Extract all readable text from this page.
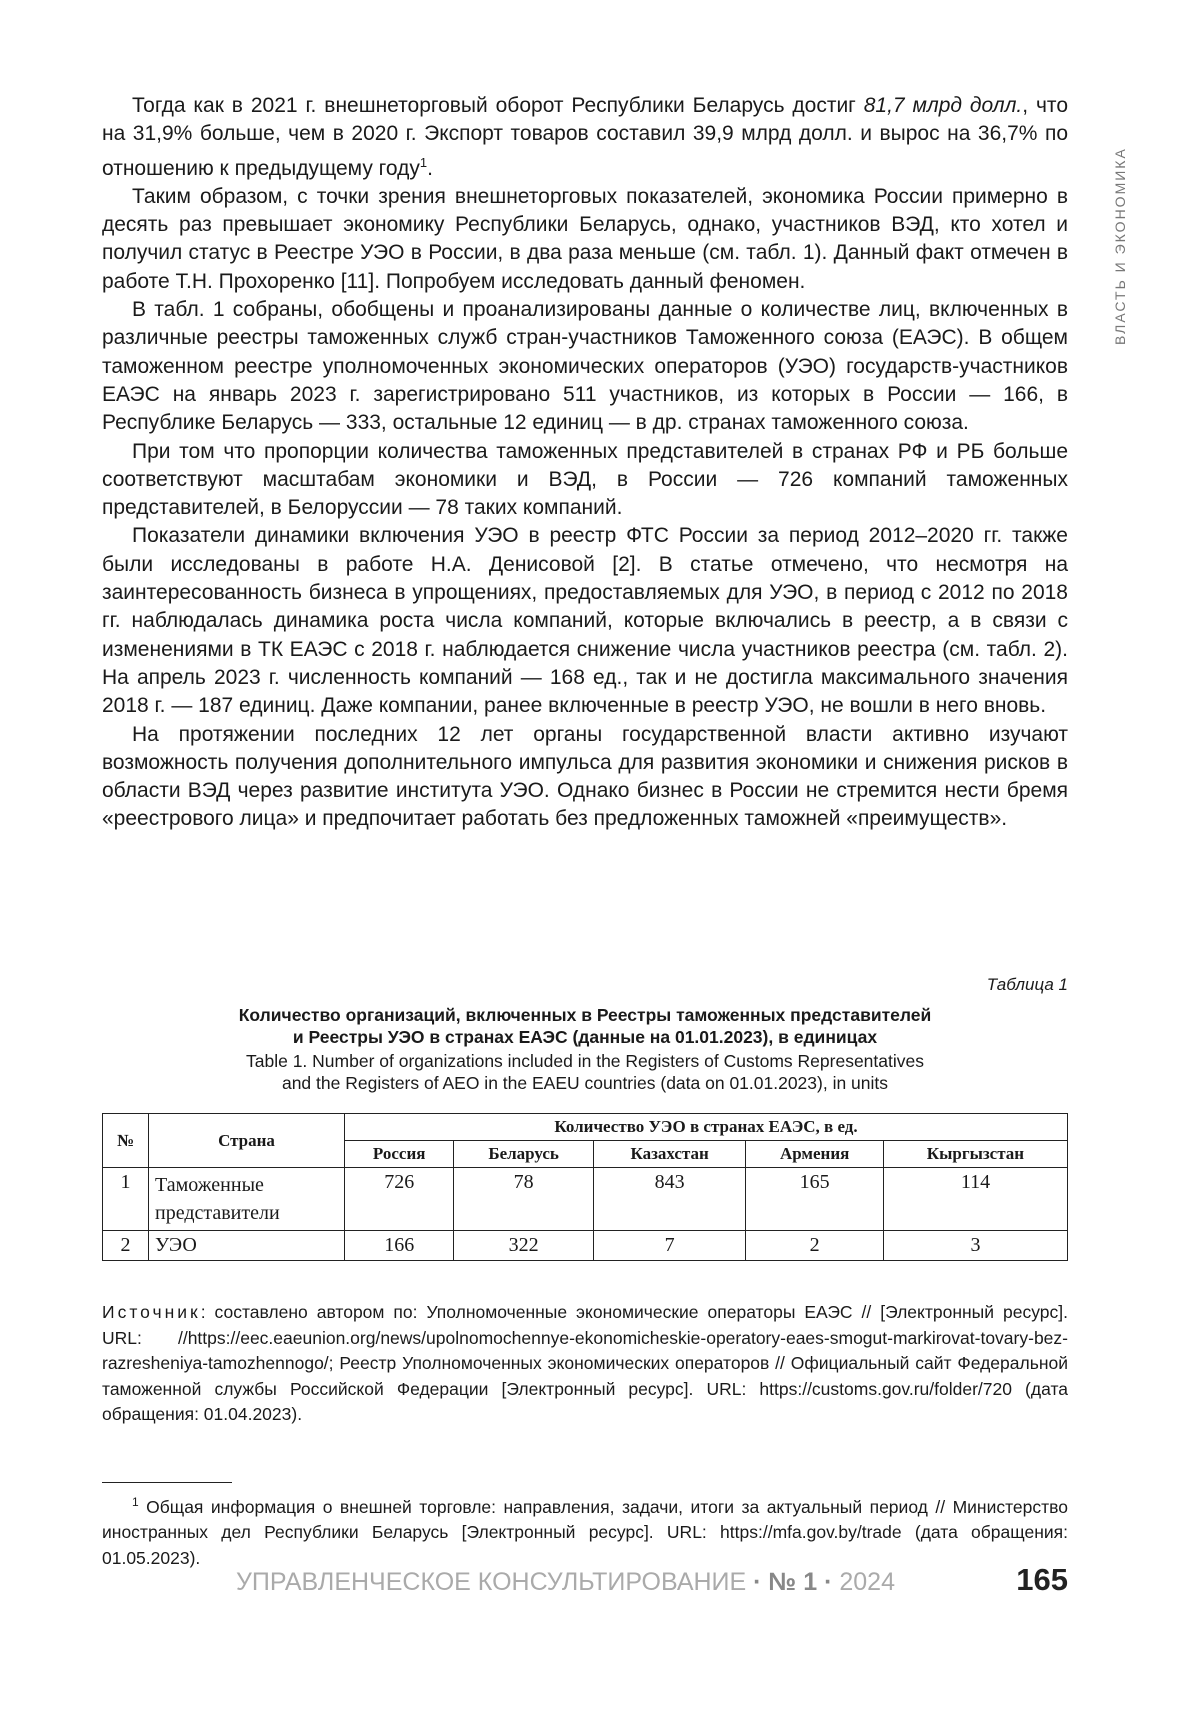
ВЛАСТЬ И ЭКОНОМИКА

Тогда как в 2021 г. внешнеторговый оборот Республики Беларусь достиг 81,7 млрд долл., что на 31,9% больше, чем в 2020 г. Экспорт товаров составил 39,9 млрд долл. и вырос на 36,7% по отношению к предыдущему году1.

Таким образом, с точки зрения внешнеторговых показателей, экономика России примерно в десять раз превышает экономику Республики Беларусь, однако, участников ВЭД, кто хотел и получил статус в Реестре УЭО в России, в два раза меньше (см. табл. 1). Данный факт отмечен в работе Т.Н. Прохоренко [11]. Попробуем исследовать данный феномен.

В табл. 1 собраны, обобщены и проанализированы данные о количестве лиц, включенных в различные реестры таможенных служб стран-участников Таможенного союза (ЕАЭС). В общем таможенном реестре уполномоченных экономических операторов (УЭО) государств-участников ЕАЭС на январь 2023 г. зарегистрировано 511 участников, из которых в России — 166, в Республике Беларусь — 333, остальные 12 единиц — в др. странах таможенного союза.

При том что пропорции количества таможенных представителей в странах РФ и РБ больше соответствуют масштабам экономики и ВЭД, в России — 726 компаний таможенных представителей, в Белоруссии — 78 таких компаний.

Показатели динамики включения УЭО в реестр ФТС России за период 2012–2020 гг. также были исследованы в работе Н.А. Денисовой [2]. В статье отмечено, что несмотря на заинтересованность бизнеса в упрощениях, предоставляемых для УЭО, в период с 2012 по 2018 гг. наблюдалась динамика роста числа компаний, которые включались в реестр, а в связи с изменениями в ТК ЕАЭС с 2018 г. наблюдается снижение числа участников реестра (см. табл. 2). На апрель 2023 г. численность компаний — 168 ед., так и не достигла максимального значения 2018 г. — 187 единиц. Даже компании, ранее включенные в реестр УЭО, не вошли в него вновь.

На протяжении последних 12 лет органы государственной власти активно изучают возможность получения дополнительного импульса для развития экономики и снижения рисков в области ВЭД через развитие института УЭО. Однако бизнес в России не стремится нести бремя «реестрового лица» и предпочитает работать без предложенных таможней «преимуществ».

Таблица 1
Количество организаций, включенных в Реестры таможенных представителей
и Реестры УЭО в странах ЕАЭС (данные на 01.01.2023), в единицах
Table 1. Number of organizations included in the Registers of Customs Representatives
and the Registers of AEO in the EAEU countries (data on 01.01.2023), in units
№	Страна	Количество УЭО в странах ЕАЭС, в ед.
Россия	Беларусь	Казахстан	Армения	Кыргызстан
1	Таможенные представители	726	78	843	165	114
2	УЭО	166	322	7	2	3
Источник: составлено автором по: Уполномоченные экономические операторы ЕАЭС // [Электронный ресурс]. URL: //https://eec.eaeunion.org/news/upolnomochennye-ekonomicheskie-operatory-eaes-smogut-markirovat-tovary-bez-razresheniya-tamozhennogo/; Реестр Уполномоченных экономических операторов // Официальный сайт Федеральной таможенной службы Российской Федерации [Электронный ресурс]. URL: https://customs.gov.ru/folder/720 (дата обращения: 01.04.2023).
1 Общая информация о внешней торговле: направления, задачи, итоги за актуальный период // Министерство иностранных дел Республики Беларусь [Электронный ресурс]. URL: https://mfa.gov.by/trade (дата обращения: 01.05.2023).
УПРАВЛЕНЧЕСКОЕ КОНСУЛЬТИРОВАНИЕ · № 1 · 2024	165
